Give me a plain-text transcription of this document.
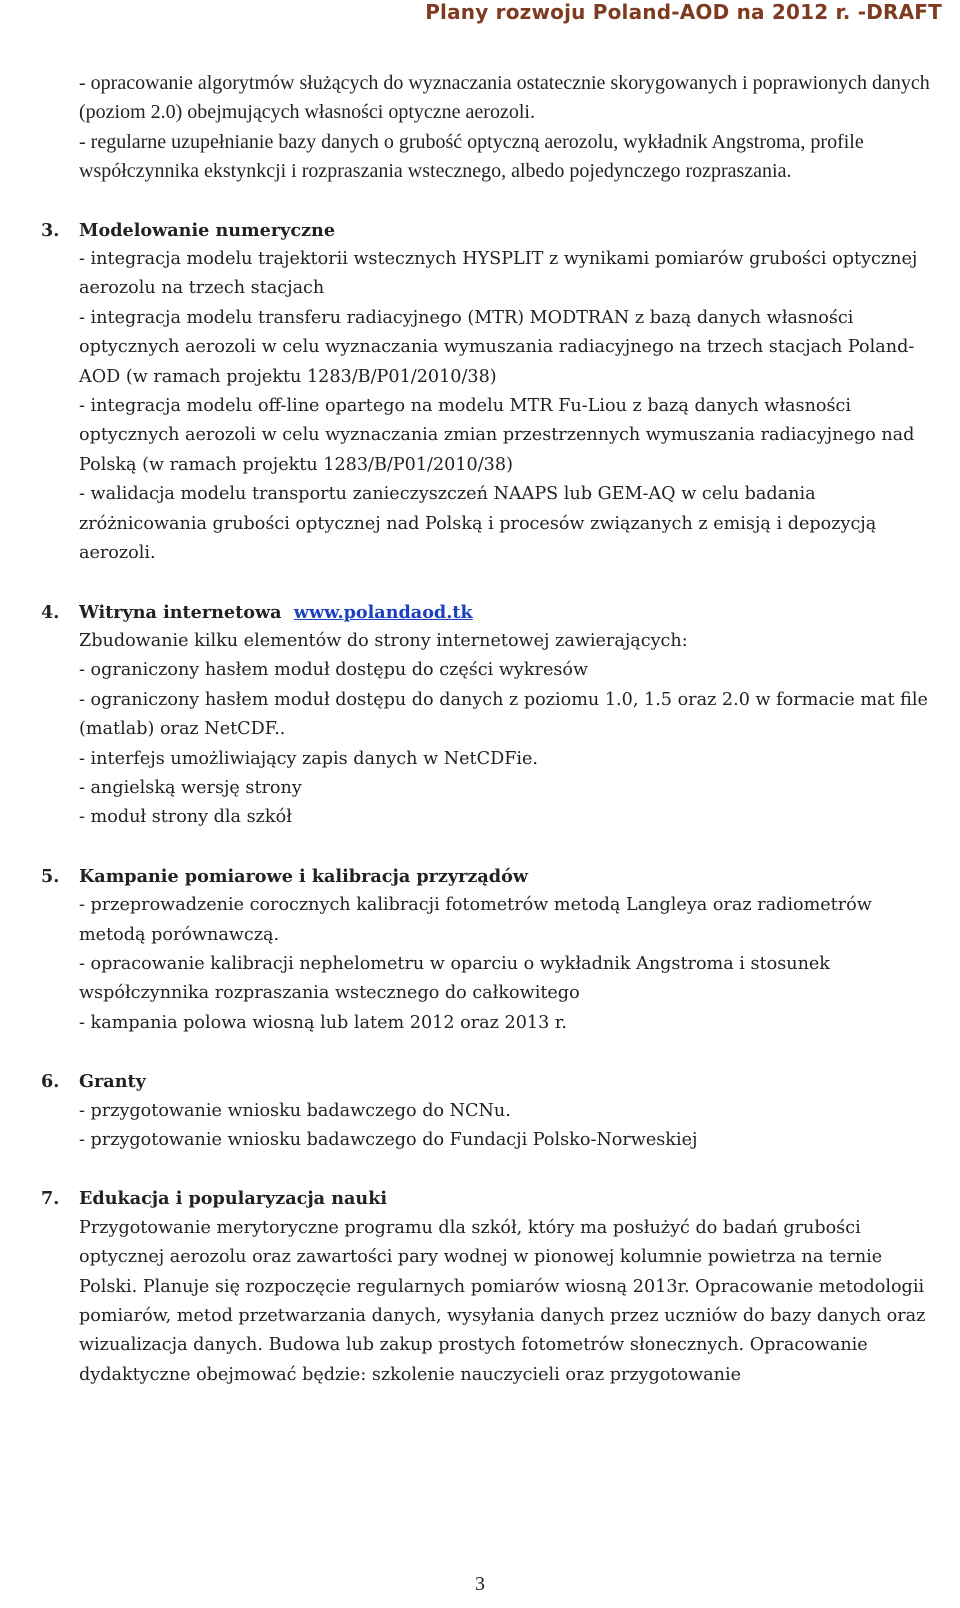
Plany rozwoju Poland-AOD na 2012 r. -DRAFT

- opracowanie algorytmów służących do wyznaczania ostatecznie skorygowanych i poprawionych danych (poziom 2.0) obejmujących własności optyczne aerozoli.

- regularne uzupełnianie bazy danych o grubość optyczną aerozolu, wykładnik Angstroma, profile współczynnika ekstynkcji i rozpraszania wstecznego, albedo pojedynczego rozpraszania.

3. Modelowanie numeryczne

- integracja modelu trajektorii wstecznych HYSPLIT z wynikami pomiarów grubości optycznej aerozolu na trzech stacjach

- integracja modelu transferu radiacyjnego (MTR) MODTRAN z bazą danych własności optycznych aerozoli w celu wyznaczania wymuszania radiacyjnego na trzech stacjach Poland-AOD (w ramach projektu 1283/B/P01/2010/38)

- integracja modelu off-line opartego na modelu MTR Fu-Liou z bazą danych własności optycznych aerozoli w celu wyznaczania zmian przestrzennych wymuszania radiacyjnego nad Polską (w ramach projektu 1283/B/P01/2010/38)

- walidacja modelu transportu zanieczyszczeń NAAPS lub GEM-AQ w celu badania zróżnicowania grubości optycznej nad Polską i procesów związanych z emisją i depozycją aerozoli.

4. Witryna internetowa www.polandaod.tk

Zbudowanie kilku elementów do strony internetowej zawierających:

- ograniczony hasłem moduł dostępu do części wykresów

- ograniczony hasłem moduł dostępu do danych z poziomu 1.0, 1.5 oraz 2.0 w formacie mat file (matlab) oraz NetCDF..

- interfejs umożliwiający zapis danych w NetCDFie.

- angielską wersję strony

- moduł strony dla szkół

5. Kampanie pomiarowe i kalibracja przyrządów

- przeprowadzenie corocznych kalibracji fotometrów metodą Langleya oraz radiometrów metodą porównawczą.

- opracowanie kalibracji nephelometru w oparciu o wykładnik Angstroma i stosunek współczynnika rozpraszania wstecznego do całkowitego

- kampania polowa wiosną lub latem 2012 oraz 2013 r.

6. Granty

- przygotowanie wniosku badawczego do NCNu.

- przygotowanie wniosku badawczego do Fundacji Polsko-Norweskiej

7. Edukacja i popularyzacja nauki

Przygotowanie merytoryczne programu dla szkół, który ma posłużyć do badań grubości optycznej aerozolu oraz zawartości pary wodnej w pionowej kolumnie powietrza na ternie Polski. Planuje się rozpoczęcie regularnych pomiarów wiosną 2013r. Opracowanie metodologii pomiarów, metod przetwarzania danych, wysyłania danych przez uczniów do bazy danych oraz wizualizacja danych. Budowa lub zakup prostych fotometrów słonecznych. Opracowanie dydaktyczne obejmować będzie: szkolenie nauczycieli oraz przygotowanie

3
